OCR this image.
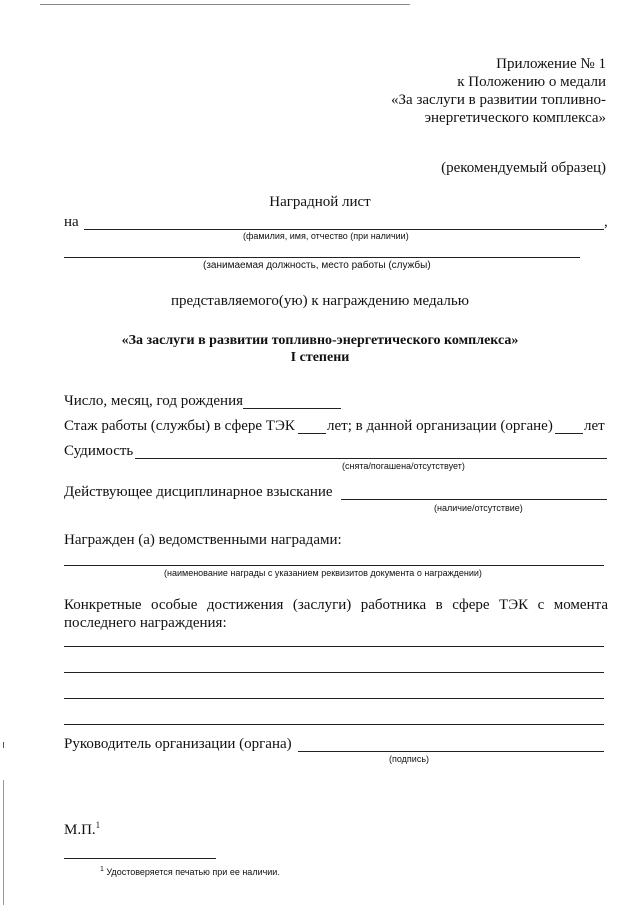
Приложение № 1
к Положению о медали
«За заслуги в развитии топливно-
энергетического комплекса»
(рекомендуемый образец)
Наградной лист
на	,
(фамилия, имя, отчество (при наличии)
(занимаемая должность, место работы (службы)
представляемого(ую) к награждению медалью
«За заслуги в развитии топливно-энергетического комплекса»
I степени
Число, месяц, год рождения
Стаж работы (службы) в сфере ТЭК лет; в данной организации (органе) лет
Судимость
(снята/погашена/отсутствует)
Действующее дисциплинарное взыскание
(наличие/отсутствие)
Награжден (а) ведомственными наградами:
(наименование награды с указанием реквизитов документа о награждении)
Конкретные особые достижения (заслуги) работника в сфере ТЭК с момента
последнего награждения:
Руководитель организации (органа)
(подпись)
М.П.$^1$
$^1$ Удостоверяется печатью при ее наличии.
